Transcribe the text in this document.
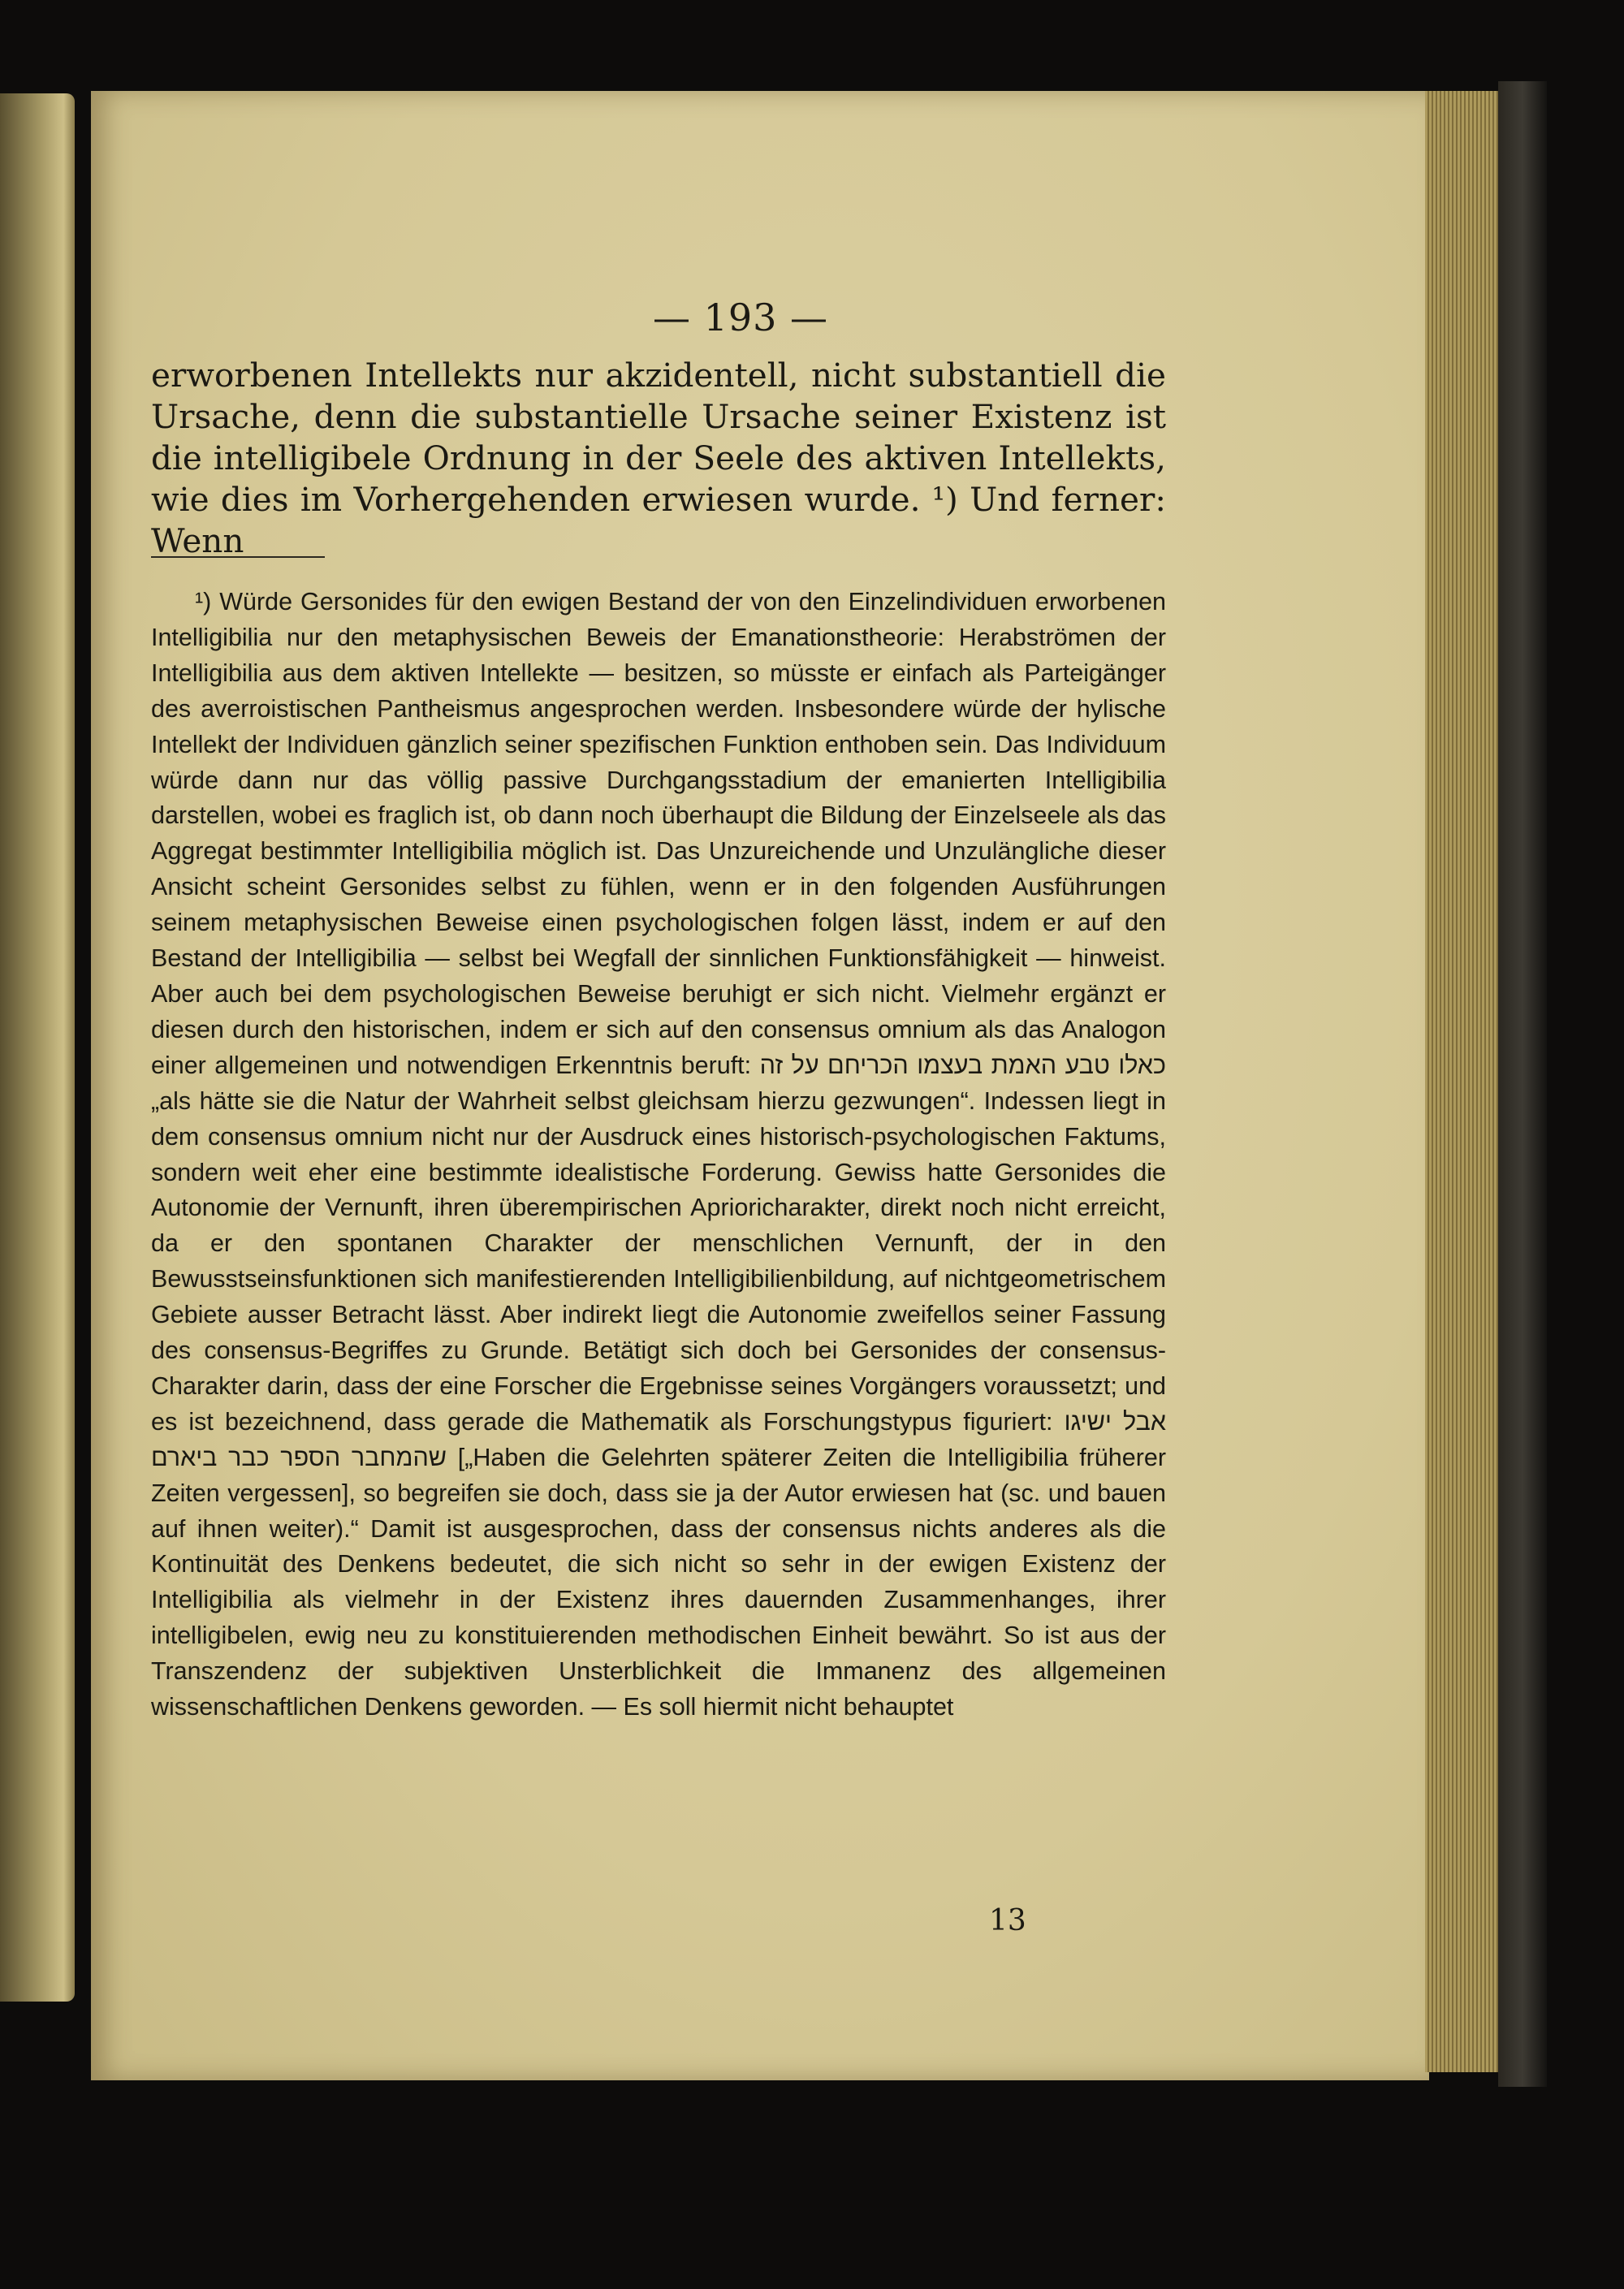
— 193 —

erworbenen Intellekts nur akzidentell, nicht substantiell die Ursache, denn die substantielle Ursache seiner Existenz ist die intelligibele Ordnung in der Seele des aktiven Intellekts, wie dies im Vorhergehenden erwiesen wurde. ¹) Und ferner: Wenn

¹) Würde Gersonides für den ewigen Bestand der von den Einzelindividuen erworbenen Intelligibilia nur den metaphysischen Beweis der Emanationstheorie: Herabströmen der Intelligibilia aus dem aktiven Intellekte — besitzen, so müsste er einfach als Parteigänger des averroistischen Pantheismus angesprochen werden. Insbesondere würde der hylische Intellekt der Individuen gänzlich seiner spezifischen Funktion enthoben sein. Das Individuum würde dann nur das völlig passive Durchgangsstadium der emanierten Intelligibilia darstellen, wobei es fraglich ist, ob dann noch überhaupt die Bildung der Einzelseele als das Aggregat bestimmter Intelligibilia möglich ist. Das Unzureichende und Unzulängliche dieser Ansicht scheint Gersonides selbst zu fühlen, wenn er in den folgenden Ausführungen seinem metaphysischen Beweise einen psychologischen folgen lässt, indem er auf den Bestand der Intelligibilia — selbst bei Wegfall der sinnlichen Funktionsfähigkeit — hinweist. Aber auch bei dem psychologischen Beweise beruhigt er sich nicht. Vielmehr ergänzt er diesen durch den historischen, indem er sich auf den consensus omnium als das Analogon einer allgemeinen und notwendigen Erkenntnis beruft: כאלו טבע האמת בעצמו הכריחם על זה „als hätte sie die Natur der Wahrheit selbst gleichsam hierzu gezwungen“. Indessen liegt in dem consensus omnium nicht nur der Ausdruck eines historisch-psychologischen Faktums, sondern weit eher eine bestimmte idealistische Forderung. Gewiss hatte Gersonides die Autonomie der Vernunft, ihren überempirischen Aprioricharakter, direkt noch nicht erreicht, da er den spontanen Charakter der menschlichen Vernunft, der in den Bewusstseinsfunktionen sich manifestierenden Intelligibilienbildung, auf nichtgeometrischem Gebiete ausser Betracht lässt. Aber indirekt liegt die Autonomie zweifellos seiner Fassung des consensus-Begriffes zu Grunde. Betätigt sich doch bei Gersonides der consensus-Charakter darin, dass der eine Forscher die Ergebnisse seines Vorgängers voraussetzt; und es ist bezeichnend, dass gerade die Mathematik als Forschungstypus figuriert: אבל ישיגו שהמחבר הספר כבר ביארם [„Haben die Gelehrten späterer Zeiten die Intelligibilia früherer Zeiten vergessen], so begreifen sie doch, dass sie ja der Autor erwiesen hat (sc. und bauen auf ihnen weiter).“ Damit ist ausgesprochen, dass der consensus nichts anderes als die Kontinuität des Denkens bedeutet, die sich nicht so sehr in der ewigen Existenz der Intelligibilia als vielmehr in der Existenz ihres dauernden Zusammenhanges, ihrer intelligibelen, ewig neu zu konstituierenden methodischen Einheit bewährt. So ist aus der Transzendenz der subjektiven Unsterblichkeit die Immanenz des allgemeinen wissenschaftlichen Denkens geworden. — Es soll hiermit nicht behauptet

13
